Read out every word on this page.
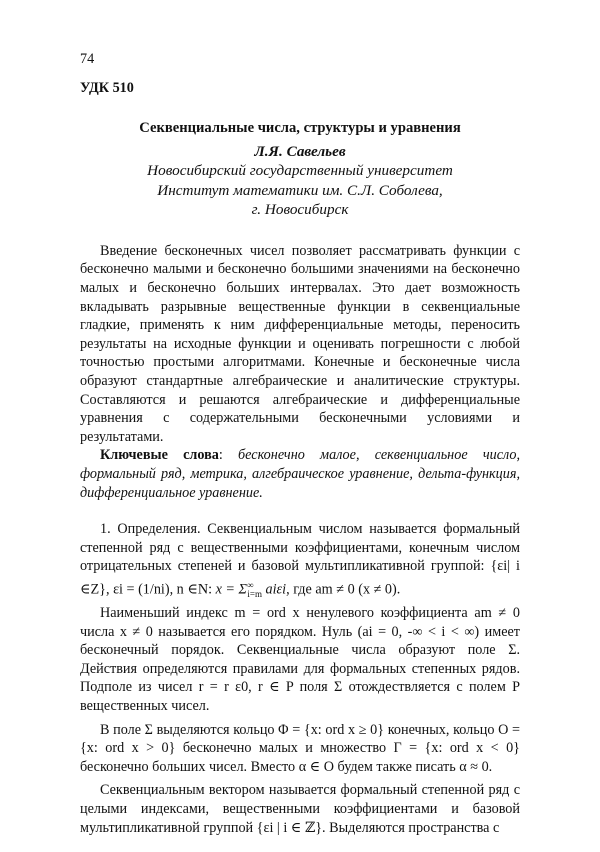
74
УДК 510
Секвенциальные числа, структуры и уравнения
Л.Я. Савельев
Новосибирский государственный университет
Институт математики им. С.Л. Соболева,
г. Новосибирск

Введение бесконечных чисел позволяет рассматривать функции с бесконечно малыми и бесконечно большими значениями на бесконечно малых и бесконечно больших интервалах. Это дает возможность вкладывать разрывные вещественные функции в секвенциальные гладкие, применять к ним дифференциальные методы, переносить результаты на исходные функции и оценивать погрешности с любой точностью простыми алгоритмами. Конечные и бесконечные числа образуют стандартные алгебраические и аналитические структуры. Составляются и решаются алгебраические и дифференциальные уравнения с содержательными бесконечными условиями и результатами.

Ключевые слова: бесконечно малое, секвенциальное число, формальный ряд, метрика, алгебраическое уравнение, дельта-функция, дифференциальное уравнение.

1. Определения. Секвенциальным числом называется формальный степенной ряд с вещественными коэффициентами, конечным числом отрицательных степеней и базовой мультипликативной группой: {εi| i ∈Z}, εi = (1/ni), n ∈N: $x = \Sigma^\infty_{i=m}$ aiεi, где am ≠ 0 (x ≠ 0).

Наименьший индекс m = ord x ненулевого коэффициента am ≠ 0 числа x ≠ 0 называется его порядком. Нуль (ai = 0, -∞ < i < ∞) имеет бесконечный порядок. Секвенциальные числа образуют поле Σ. Действия определяются правилами для формальных степенных рядов. Подполе из чисел r = r ε0, r ∈ P поля Σ отождествляется с полем P вещественных чисел.

В поле Σ выделяются кольцо Φ = {x: ord x ≥ 0} конечных, кольцо O = {x: ord x > 0} бесконечно малых и множество Γ = {x: ord x < 0} бесконечно больших чисел. Вместо α ∈ O будем также писать α ≈ 0.

Секвенциальным вектором называется формальный степенной ряд с целыми индексами, вещественными коэффициентами и базовой мультипликативной группой {εi | i ∈ ℤ}. Выделяются пространства с
